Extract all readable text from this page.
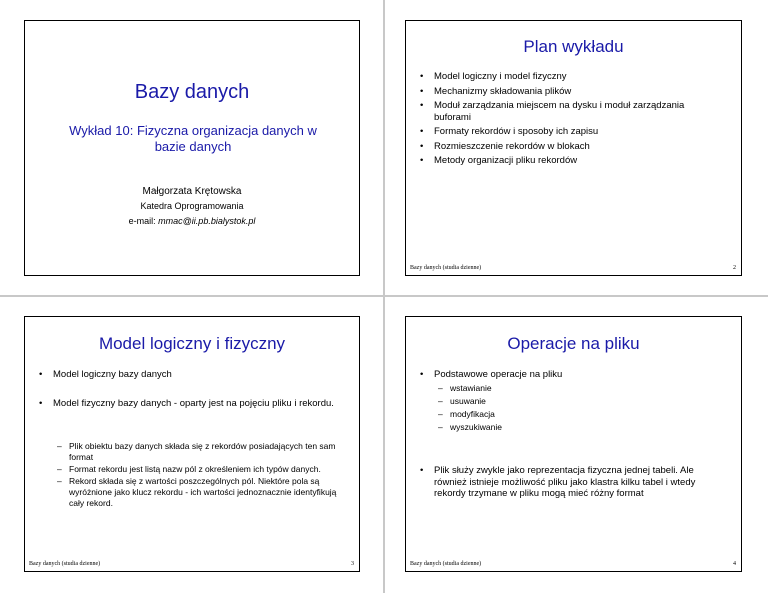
Bazy danych
Wykład 10: Fizyczna organizacja danych w bazie danych
Małgorzata Krętowska
Katedra Oprogramowania
e-mail: mmac@ii.pb.bialystok.pl
Plan wykładu
• Model logiczny i model fizyczny
• Mechanizmy składowania plików
• Moduł zarządzania miejscem na dysku i moduł zarządzania buforami
• Formaty rekordów i sposoby ich zapisu
• Rozmieszczenie rekordów w blokach
• Metody organizacji pliku rekordów
Bazy danych (studia dzienne)	2
Model logiczny i fizyczny
• Model logiczny bazy danych
• Model fizyczny bazy danych - oparty jest na pojęciu pliku i rekordu.
– Plik obiektu bazy danych składa się z rekordów posiadających ten sam format
– Format rekordu jest listą nazw pól z określeniem ich typów danych.
– Rekord składa się z wartości poszczególnych pól. Niektóre pola są wyróżnione jako klucz rekordu - ich wartości jednoznacznie identyfikują cały rekord.
Bazy danych (studia dzienne)	3
Operacje na pliku
• Podstawowe operacje na pliku
– wstawianie
– usuwanie
– modyfikacja
– wyszukiwanie
• Plik służy zwykle jako reprezentacja fizyczna jednej tabeli. Ale również istnieje możliwość pliku jako klastra kilku tabel i wtedy rekordy trzymane w pliku mogą mieć różny format
Bazy danych (studia dzienne)	4
